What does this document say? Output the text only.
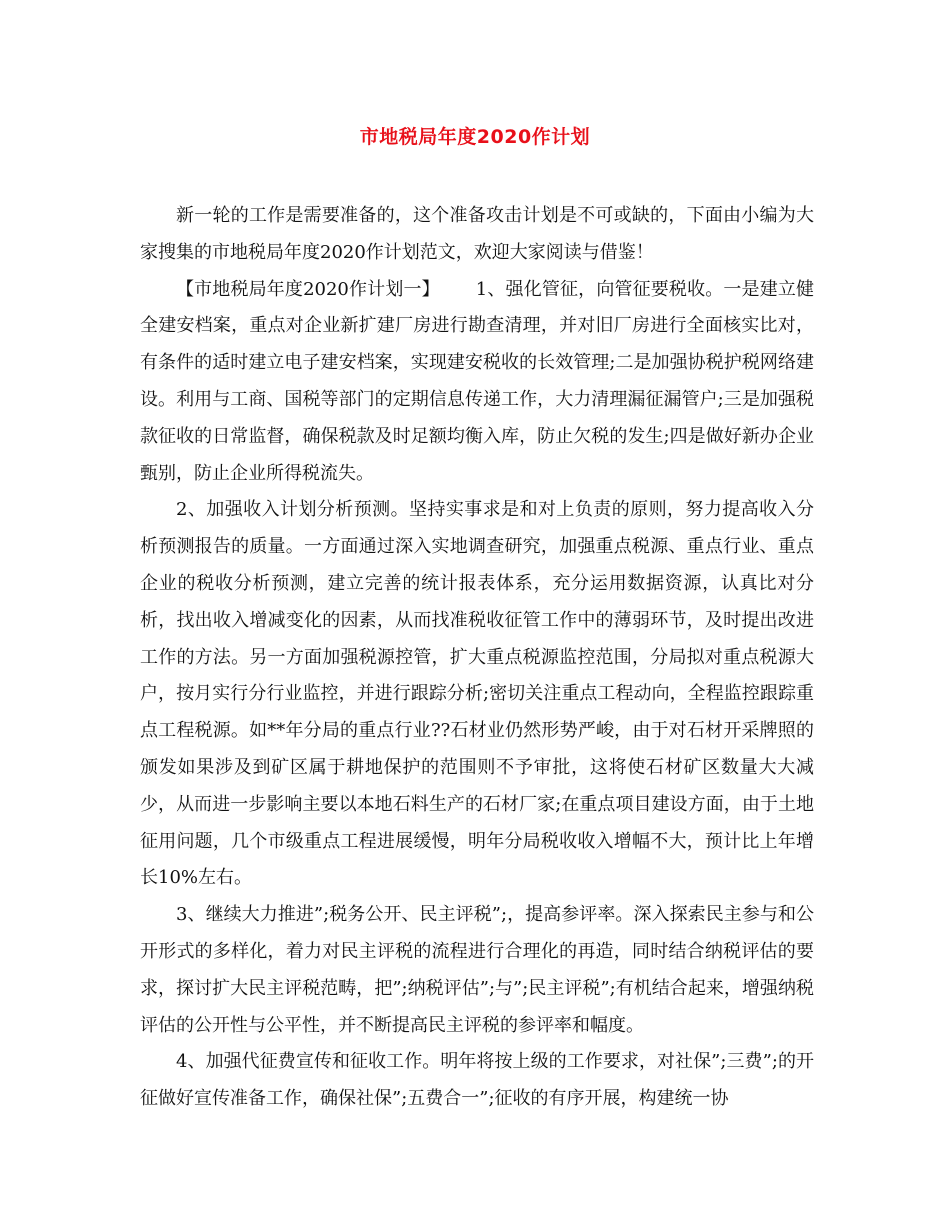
市地税局年度2020作计划

新一轮的工作是需要准备的，这个准备攻击计划是不可或缺的，下面由小编为大家搜集的市地税局年度2020作计划范文，欢迎大家阅读与借鉴！

【市地税局年度2020作计划一】 1、强化管征，向管征要税收。一是建立健全建安档案，重点对企业新扩建厂房进行勘查清理，并对旧厂房进行全面核实比对，有条件的适时建立电子建安档案，实现建安税收的长效管理;二是加强协税护税网络建设。利用与工商、国税等部门的定期信息传递工作，大力清理漏征漏管户;三是加强税款征收的日常监督，确保税款及时足额均衡入库，防止欠税的发生;四是做好新办企业甄别，防止企业所得税流失。

2、加强收入计划分析预测。坚持实事求是和对上负责的原则，努力提高收入分析预测报告的质量。一方面通过深入实地调查研究，加强重点税源、重点行业、重点企业的税收分析预测，建立完善的统计报表体系，充分运用数据资源，认真比对分析，找出收入增减变化的因素，从而找准税收征管工作中的薄弱环节，及时提出改进工作的方法。另一方面加强税源控管，扩大重点税源监控范围，分局拟对重点税源大户，按月实行分行业监控，并进行跟踪分析;密切关注重点工程动向，全程监控跟踪重点工程税源。如**年分局的重点行业??石材业仍然形势严峻，由于对石材开采牌照的颁发如果涉及到矿区属于耕地保护的范围则不予审批，这将使石材矿区数量大大减少，从而进一步影响主要以本地石料生产的石材厂家;在重点项目建设方面，由于土地征用问题，几个市级重点工程进展缓慢，明年分局税收收入增幅不大，预计比上年增长10%左右。

3、继续大力推进”;税务公开、民主评税”;，提高参评率。深入探索民主参与和公开形式的多样化，着力对民主评税的流程进行合理化的再造，同时结合纳税评估的要求，探讨扩大民主评税范畴，把”;纳税评估”;与”;民主评税”;有机结合起来，增强纳税评估的公开性与公平性，并不断提高民主评税的参评率和幅度。

4、加强代征费宣传和征收工作。明年将按上级的工作要求，对社保”;三费”;的开征做好宣传准备工作，确保社保”;五费合一”;征收的有序开展，构建统一协
